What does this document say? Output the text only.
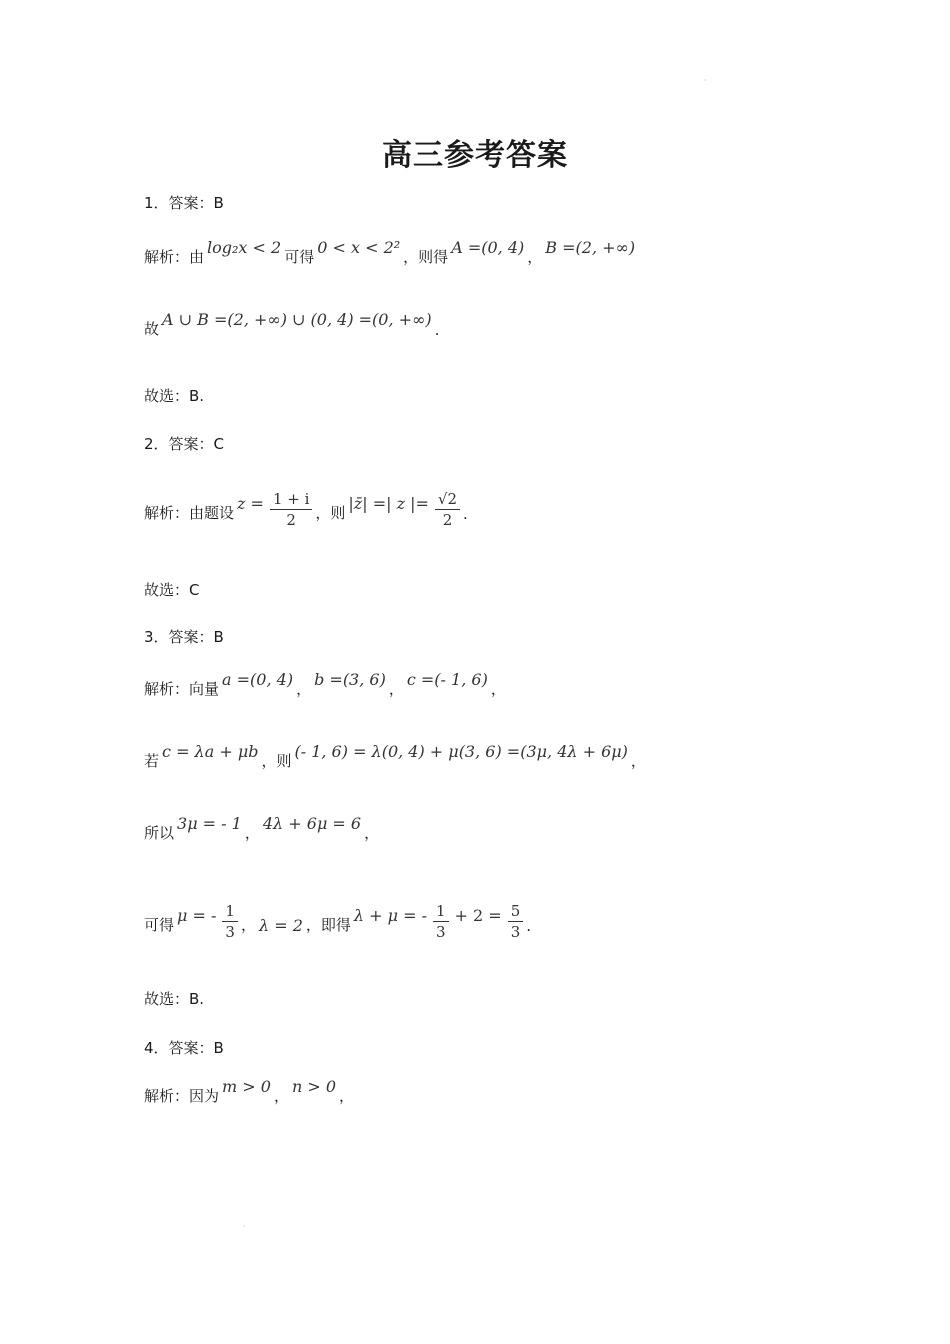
·
·
高三参考答案
1．答案：B
解析：由 log₂x < 2 可得 0 < x < 2² ，则得 A =(0, 4) ， B =(2, +∞)
故 A ∪ B =(2, +∞) ∪ (0, 4) =(0, +∞)
.
故选：B.
2．答案：C
解析：由题设 $z = \frac{1 + i}{2}$ ，则 |z̄| =| z |= $\frac{√2}{2}$ .
故选：C
3．答案：B
解析：向量 a =(0, 4) ， b =(3, 6) ， c =(- 1, 6) ，
若 c = λa + μb ，则 (- 1, 6) = λ(0, 4) + μ(3, 6) =(3μ, 4λ + 6μ) ，
所以 3μ = - 1 ， 4λ + 6μ = 6 ，
可得 μ = - $\frac{1}{3}$ ， λ = 2 ，即得 λ + μ = - $\frac{1}{3} + 2 = \frac{5}{3}$ .
故选：B.
4．答案：B
解析：因为 m > 0 ， n > 0 ，
